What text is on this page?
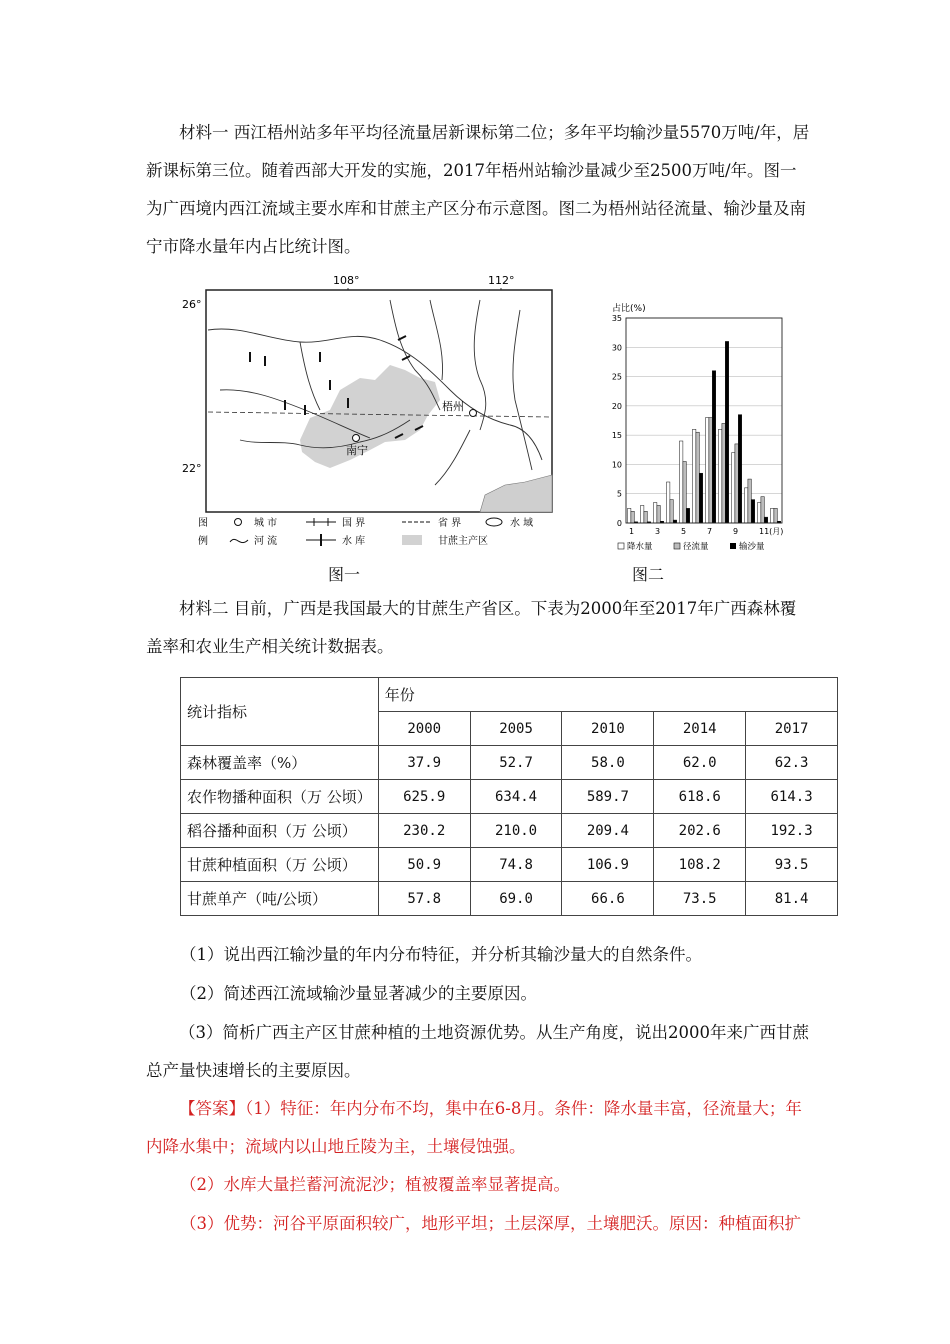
材料一 西江梧州站多年平均径流量居新课标第二位；多年平均输沙量5570万吨/年，居新课标第三位。随着西部大开发的实施，2017年梧州站输沙量减少至2500万吨/年。图一为广西境内西江流域主要水库和甘蔗主产区分布示意图。图二为梧州站径流量、输沙量及南宁市降水量年内占比统计图。

108°	112°
26°
22°
梧州
南宁
图
例
城 市	国 界	省 界	水 域
河 流	水 库	甘蔗主产区
图一
占比(%)
0
5
10
15
20
25
30
35
1	3	5	7	9	11(月)
降水量	径流量	输沙量
图二

材料二 目前，广西是我国最大的甘蔗生产省区。下表为2000年至2017年广西森林覆盖率和农业生产相关统计数据表。

统计指标	年份				
	2000	2005	2010	2014	2017
森林覆盖率（%）	37.9	52.7	58.0	62.0	62.3
农作物播种面积（万 公顷）	625.9	634.4	589.7	618.6	614.3
稻谷播种面积（万 公顷）	230.2	210.0	209.4	202.6	192.3
甘蔗种植面积（万 公顷）	50.9	74.8	106.9	108.2	93.5
甘蔗单产（吨/公顷）	57.8	69.0	66.6	73.5	81.4

（1）说出西江输沙量的年内分布特征，并分析其输沙量大的自然条件。

（2）简述西江流域输沙量显著减少的主要原因。

（3）简析广西主产区甘蔗种植的土地资源优势。从生产角度，说出2000年来广西甘蔗总产量快速增长的主要原因。

【答案】（1）特征：年内分布不均，集中在6-8月。条件：降水量丰富，径流量大；年内降水集中；流域内以山地丘陵为主，土壤侵蚀强。

（2）水库大量拦蓄河流泥沙；植被覆盖率显著提高。

（3）优势：河谷平原面积较广，地形平坦；土层深厚，土壤肥沃。原因：种植面积扩
